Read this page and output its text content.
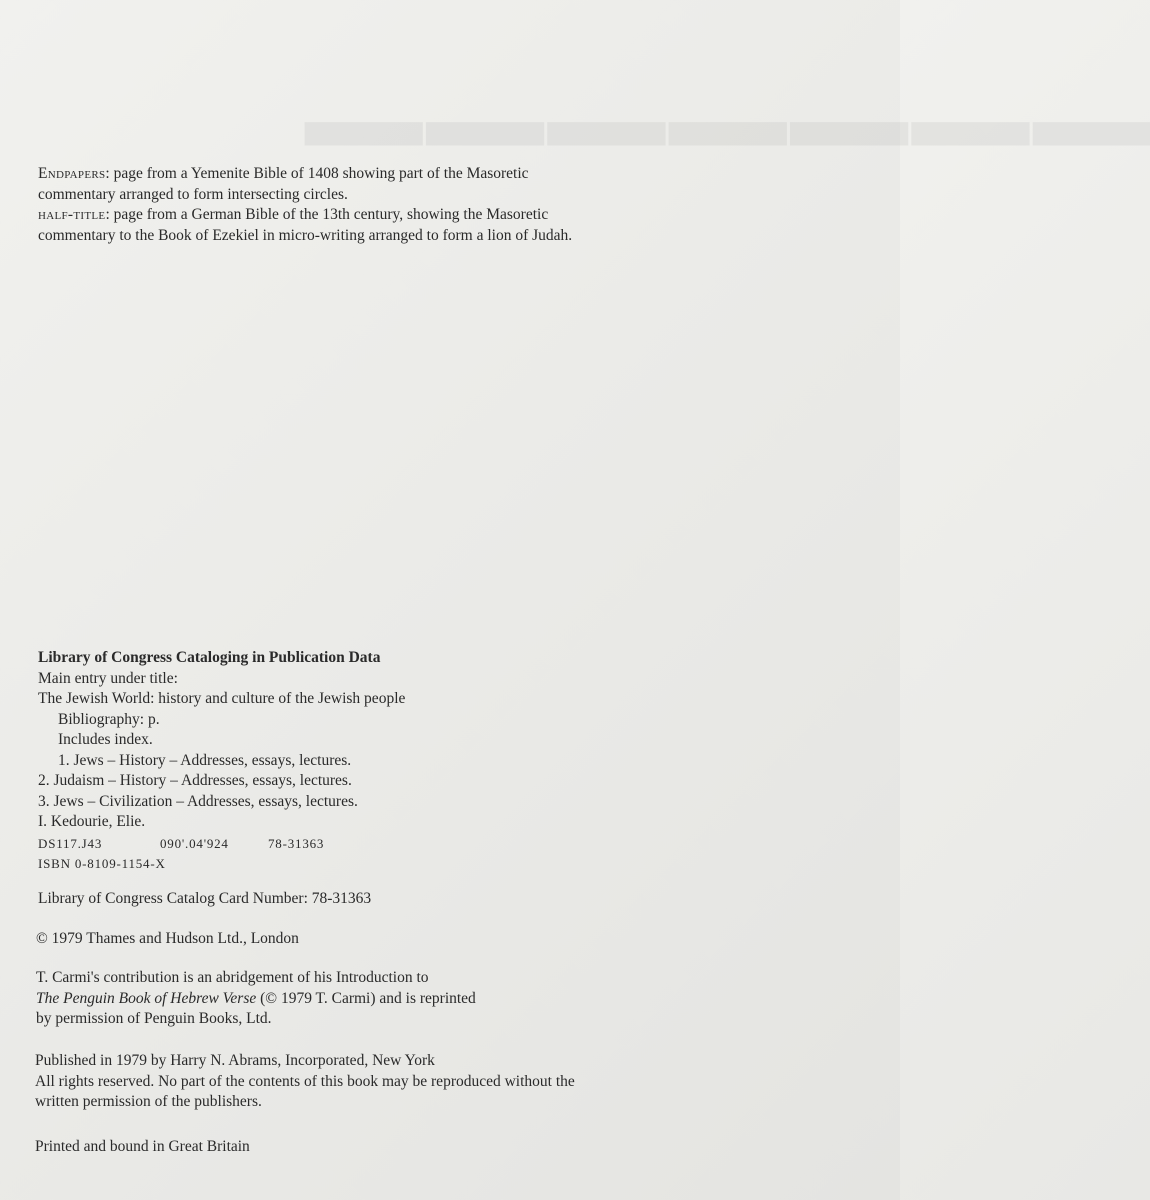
▁▁▁▁▁▁▁
Endpapers: page from a Yemenite Bible of 1408 showing part of the Masoretic
commentary arranged to form intersecting circles.
half-title: page from a German Bible of the 13th century, showing the Masoretic
commentary to the Book of Ezekiel in micro-writing arranged to form a lion of Judah.
Library of Congress Cataloging in Publication Data
Main entry under title:
The Jewish World: history and culture of the Jewish people
Bibliography: p.
Includes index.
1. Jews – History – Addresses, essays, lectures.
2. Judaism – History – Addresses, essays, lectures.
3. Jews – Civilization – Addresses, essays, lectures.
I. Kedourie, Elie.
DS117.J43	090'.04'924	78-31363
ISBN 0-8109-1154-X
Library of Congress Catalog Card Number: 78-31363
© 1979 Thames and Hudson Ltd., London
T. Carmi's contribution is an abridgement of his Introduction to
The Penguin Book of Hebrew Verse (© 1979 T. Carmi) and is reprinted
by permission of Penguin Books, Ltd.
Published in 1979 by Harry N. Abrams, Incorporated, New York
All rights reserved. No part of the contents of this book may be reproduced without the
written permission of the publishers.
Printed and bound in Great Britain
